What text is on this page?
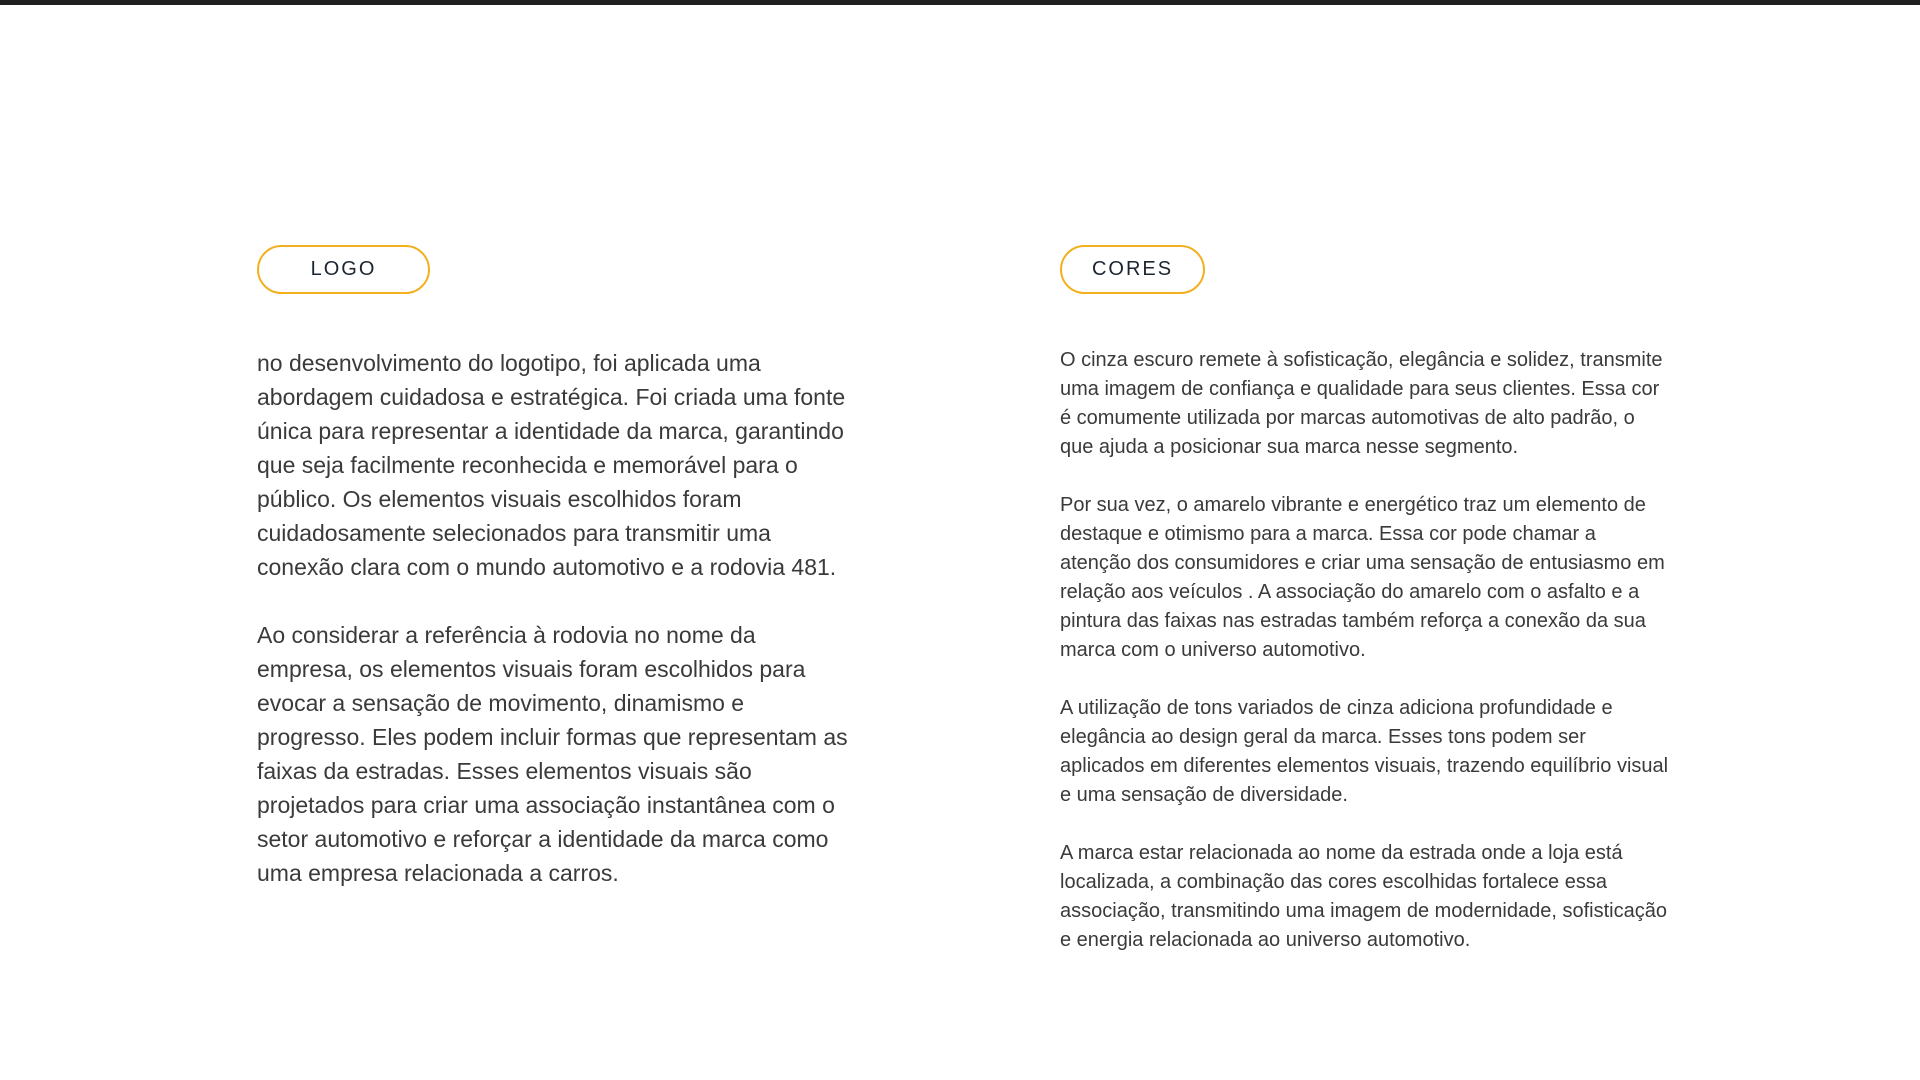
LOGO

no desenvolvimento do logotipo, foi aplicada uma abordagem cuidadosa e estratégica. Foi criada uma fonte única para representar a identidade da marca, garantindo que seja facilmente reconhecida e memorável para o público. Os elementos visuais escolhidos foram cuidadosamente selecionados para transmitir uma conexão clara com o mundo automotivo e a rodovia 481.

Ao considerar a referência à rodovia no nome da empresa, os elementos visuais foram escolhidos para evocar a sensação de movimento, dinamismo e progresso. Eles podem incluir formas que representam as faixas da estradas. Esses elementos visuais são projetados para criar uma associação instantânea com o setor automotivo e reforçar a identidade da marca como uma empresa relacionada a carros.

CORES

O cinza escuro remete à sofisticação, elegância e solidez, transmite uma imagem de confiança e qualidade para seus clientes. Essa cor é comumente utilizada por marcas automotivas de alto padrão, o que ajuda a posicionar sua marca nesse segmento.

Por sua vez, o amarelo vibrante e energético traz um elemento de destaque e otimismo para a marca. Essa cor pode chamar a atenção dos consumidores e criar uma sensação de entusiasmo em relação aos veículos . A associação do amarelo com o asfalto e a pintura das faixas nas estradas também reforça a conexão da sua marca com o universo automotivo.

A utilização de tons variados de cinza adiciona profundidade e elegância ao design geral da marca. Esses tons podem ser aplicados em diferentes elementos visuais, trazendo equilíbrio visual e uma sensação de diversidade.

A marca estar relacionada ao nome da estrada onde a loja está localizada, a combinação das cores escolhidas fortalece essa associação, transmitindo uma imagem de modernidade, sofisticação e energia relacionada ao universo automotivo.
